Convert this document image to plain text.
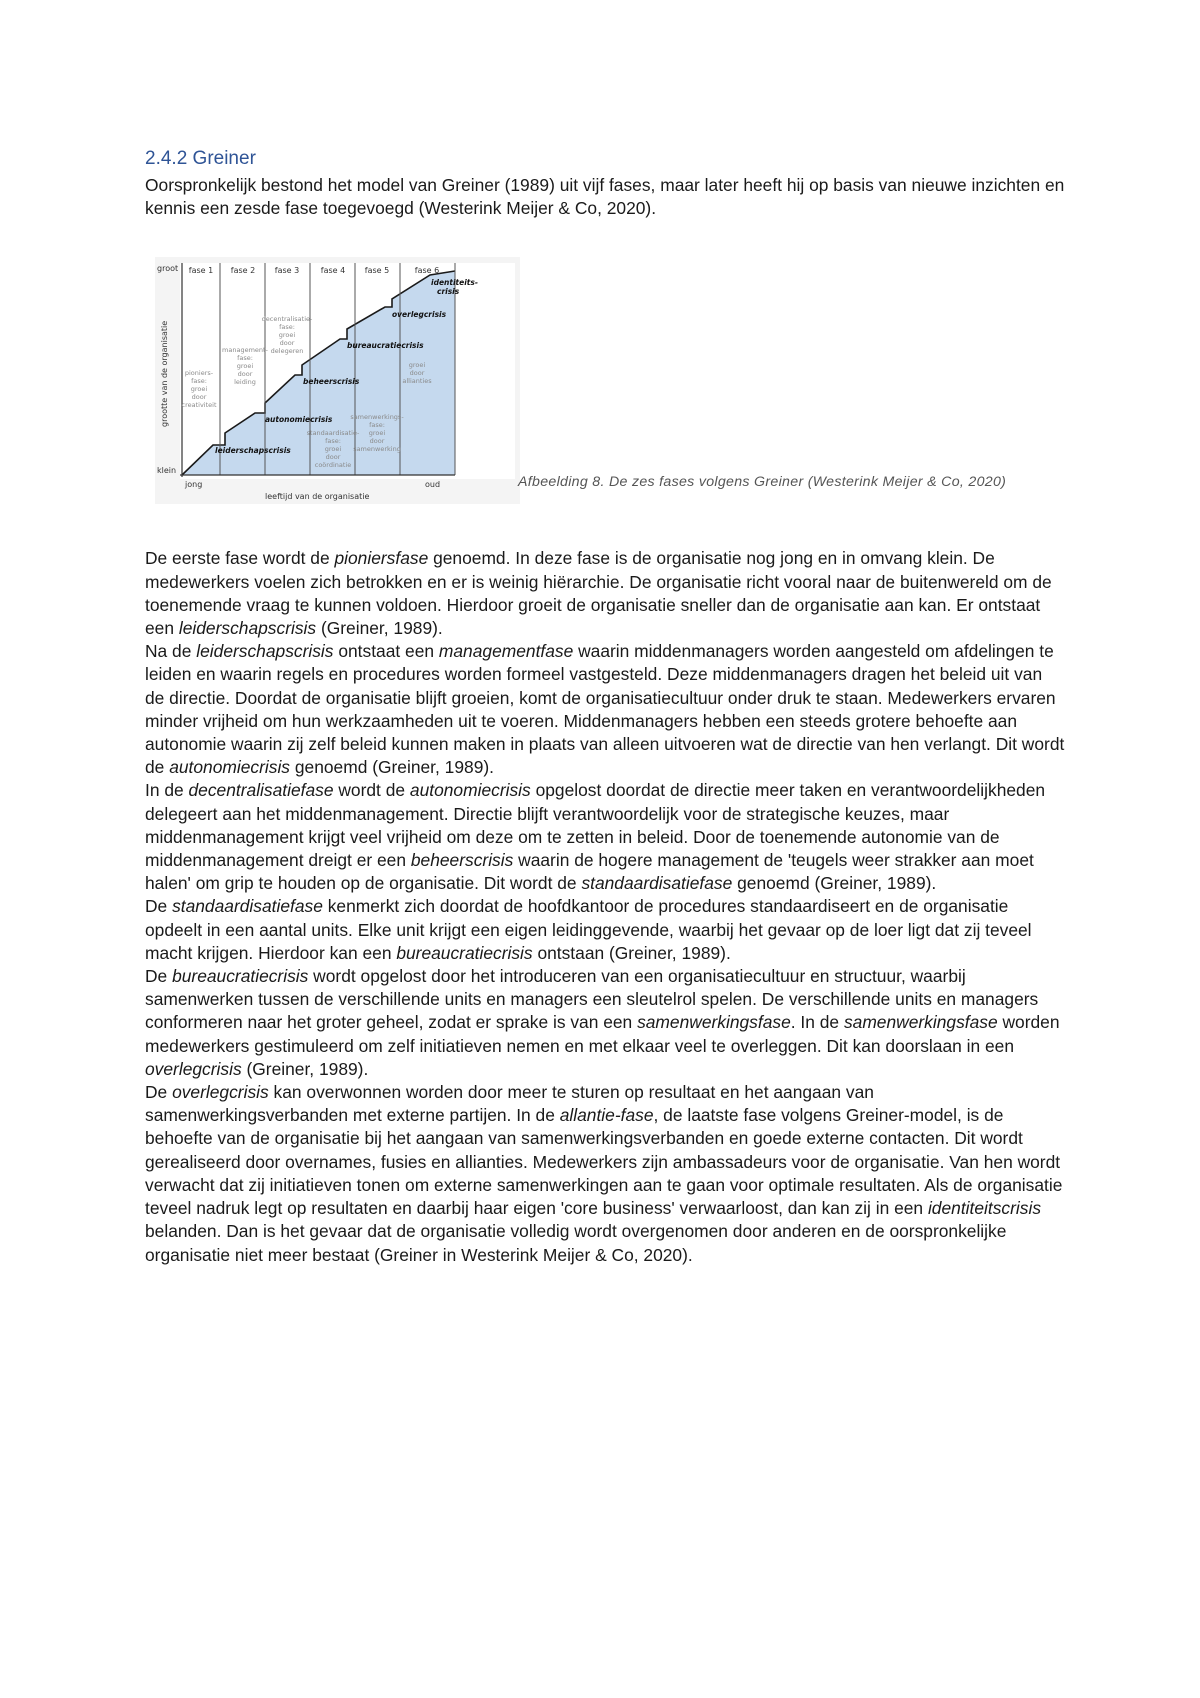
2.4.2 Greiner

Oorspronkelijk bestond het model van Greiner (1989) uit vijf fases, maar later heeft hij op basis van nieuwe inzichten en kennis een zesde fase toegevoegd (Westerink Meijer & Co, 2020).

fase 1 fase 2 fase 3	fase 4 fase 5	fase 6
groot
klein
jong	oud
leeftijd van de organisatie
grootte van de organisatie
leiderschapscrisis
autonomiecrisis
beheerscrisis
bureaucratiecrisis
overlegcrisis
identiteits-
crisis
pioniers-
fase:
groei
door
creativiteit
management-
fase:
groei
door
leiding
decentralisatie-
fase:
groei
door
delegeren
standaardisatie-
fase:
groei
door
coördinatie
samenwerkings-
fase:
groei
door
samenwerking
groei
door
allianties
Afbeelding 8. De zes fases volgens Greiner (Westerink Meijer & Co, 2020)

De eerste fase wordt de pioniersfase genoemd. In deze fase is de organisatie nog jong en in omvang klein. De medewerkers voelen zich betrokken en er is weinig hiërarchie. De organisatie richt vooral naar de buitenwereld om de toenemende vraag te kunnen voldoen. Hierdoor groeit de organisatie sneller dan de organisatie aan kan. Er ontstaat een leiderschapscrisis (Greiner, 1989).

Na de leiderschapscrisis ontstaat een managementfase waarin middenmanagers worden aangesteld om afdelingen te leiden en waarin regels en procedures worden formeel vastgesteld. Deze middenmanagers dragen het beleid uit van de directie. Doordat de organisatie blijft groeien, komt de organisatiecultuur onder druk te staan. Medewerkers ervaren minder vrijheid om hun werkzaamheden uit te voeren. Middenmanagers hebben een steeds grotere behoefte aan autonomie waarin zij zelf beleid kunnen maken in plaats van alleen uitvoeren wat de directie van hen verlangt. Dit wordt de autonomiecrisis genoemd (Greiner, 1989).

In de decentralisatiefase wordt de autonomiecrisis opgelost doordat de directie meer taken en verantwoordelijkheden delegeert aan het middenmanagement. Directie blijft verantwoordelijk voor de strategische keuzes, maar middenmanagement krijgt veel vrijheid om deze om te zetten in beleid. Door de toenemende autonomie van de middenmanagement dreigt er een beheerscrisis waarin de hogere management de 'teugels weer strakker aan moet halen' om grip te houden op de organisatie. Dit wordt de standaardisatiefase genoemd (Greiner, 1989).

De standaardisatiefase kenmerkt zich doordat de hoofdkantoor de procedures standaardiseert en de organisatie opdeelt in een aantal units. Elke unit krijgt een eigen leidinggevende, waarbij het gevaar op de loer ligt dat zij teveel macht krijgen. Hierdoor kan een bureaucratiecrisis ontstaan (Greiner, 1989).

De bureaucratiecrisis wordt opgelost door het introduceren van een organisatiecultuur en structuur, waarbij samenwerken tussen de verschillende units en managers een sleutelrol spelen. De verschillende units en managers conformeren naar het groter geheel, zodat er sprake is van een samenwerkingsfase. In de samenwerkingsfase worden medewerkers gestimuleerd om zelf initiatieven nemen en met elkaar veel te overleggen. Dit kan doorslaan in een overlegcrisis (Greiner, 1989).

De overlegcrisis kan overwonnen worden door meer te sturen op resultaat en het aangaan van samenwerkingsverbanden met externe partijen. In de allantie-fase, de laatste fase volgens Greiner-model, is de behoefte van de organisatie bij het aangaan van samenwerkingsverbanden en goede externe contacten. Dit wordt gerealiseerd door overnames, fusies en allianties. Medewerkers zijn ambassadeurs voor de organisatie. Van hen wordt verwacht dat zij initiatieven tonen om externe samenwerkingen aan te gaan voor optimale resultaten. Als de organisatie teveel nadruk legt op resultaten en daarbij haar eigen 'core business' verwaarloost, dan kan zij in een identiteitscrisis belanden. Dan is het gevaar dat de organisatie volledig wordt overgenomen door anderen en de oorspronkelijke organisatie niet meer bestaat (Greiner in Westerink Meijer & Co, 2020).
